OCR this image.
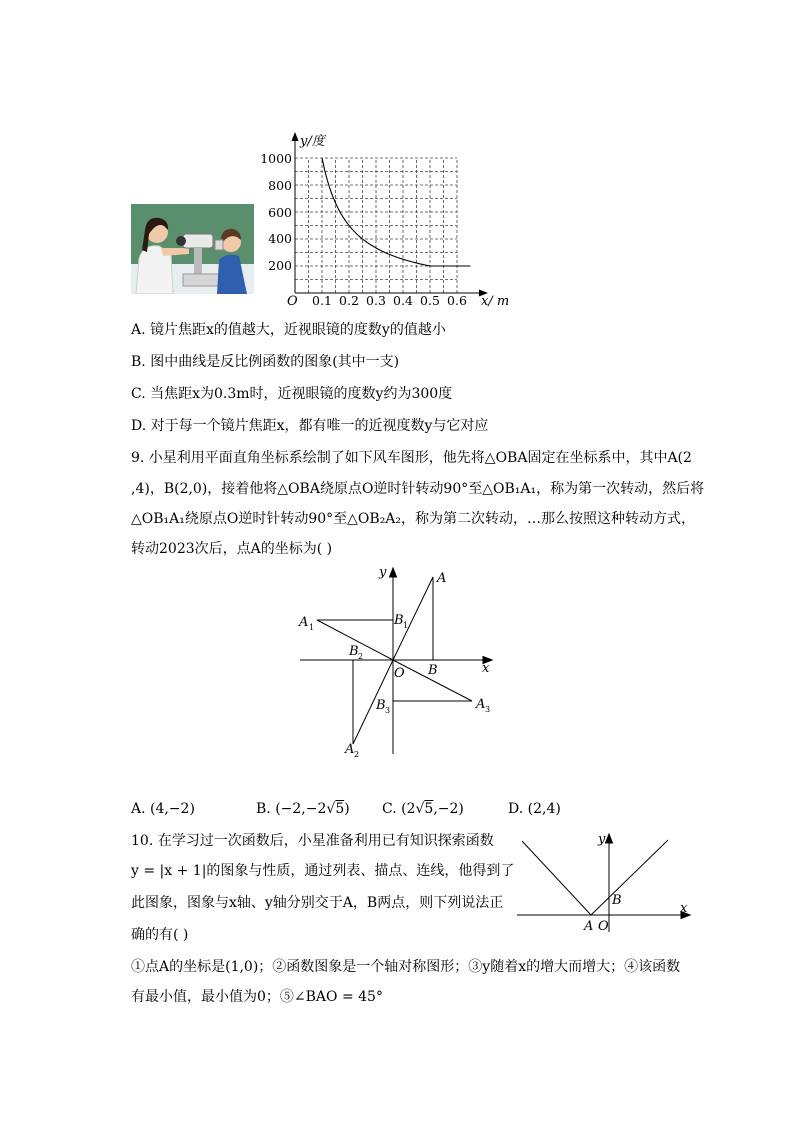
y/度
x/ m
O
1000
800
600
400
200
0.1 0.2 0.3 0.4 0.5 0.6
A. 镜片焦距x的值越大，近视眼镜的度数y的值越小
B. 图中曲线是反比例函数的图象(其中一支)
C. 当焦距x为0.3m时，近视眼镜的度数y约为300度
D. 对于每一个镜片焦距x，都有唯一的近视度数y与它对应
9. 小星利用平面直角坐标系绘制了如下风车图形，他先将△OBA固定在坐标系中，其中A(2
,4)，B(2,0)，接着他将△OBA绕原点O逆时针转动90°至△OB₁A₁，称为第一次转动，然后将
△OB₁A₁绕原点O逆时针转动90°至△OB₂A₂，称为第二次转动，…那么按照这种转动方式，
转动2023次后，点A的坐标为( )
y
x
O
A
B
A 1	B 1
B 2
A 2
B 3	A 3
A. (4,−2)	B. (−2,−2√5) C. (2√5,−2)	D. (2,4)
10. 在学习过一次函数后，小星准备利用已有知识探索函数
y = |x + 1|的图象与性质，通过列表、描点、连线，他得到了
此图象，图象与x轴、y轴分别交于A，B两点，则下列说法正
确的有( )
①点A的坐标是(1,0)；②函数图象是一个轴对称图形；③y随着x的增大而增大；④该函数
有最小值，最小值为0；⑤∠BAO = 45°
y
x
A O
B
